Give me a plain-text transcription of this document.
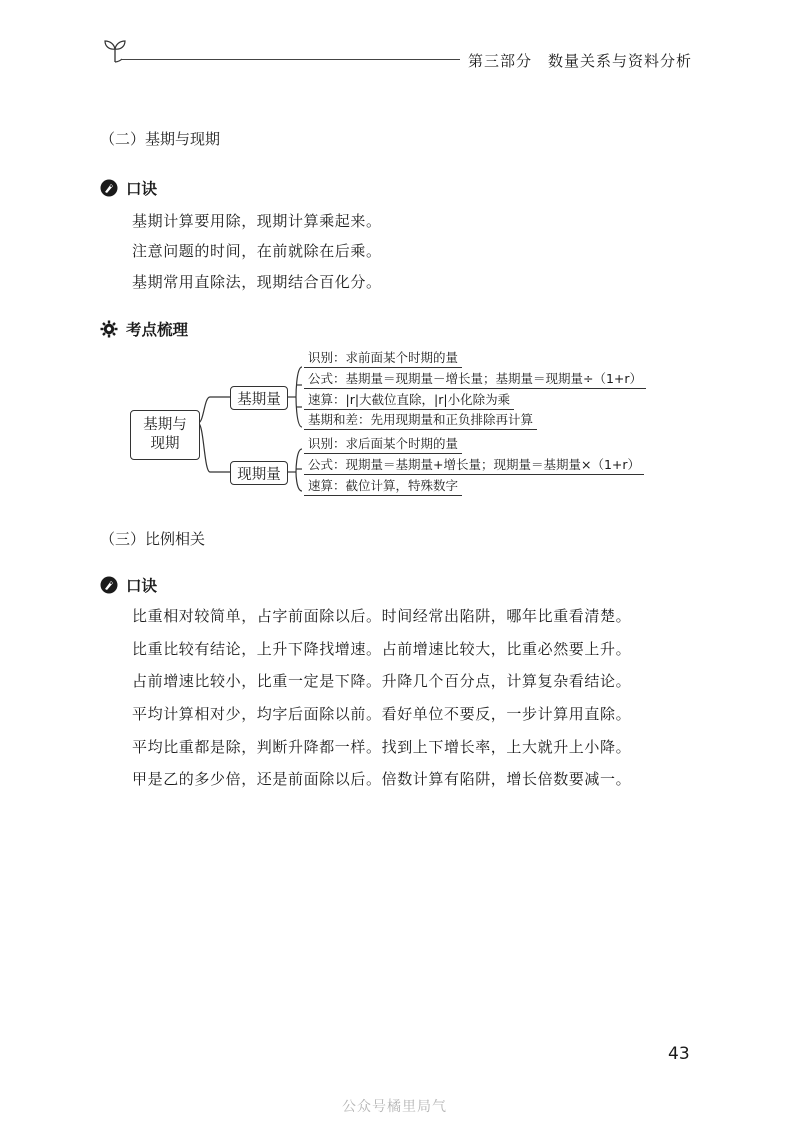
第三部分　数量关系与资料分析
（二）基期与现期
口诀
基期计算要用除，现期计算乘起来。
注意问题的时间，在前就除在后乘。
基期常用直除法，现期结合百化分。
考点梳理
基期与
现期
基期量
现期量
识别：求前面某个时期的量
公式：基期量＝现期量－增长量；基期量＝现期量÷（1+r）
速算：|r|大截位直除，|r|小化除为乘
基期和差：先用现期量和正负排除再计算
识别：求后面某个时期的量
公式：现期量＝基期量+增长量；现期量＝基期量×（1+r）
速算：截位计算，特殊数字
（三）比例相关
口诀
比重相对较简单，占字前面除以后。时间经常出陷阱，哪年比重看清楚。
比重比较有结论，上升下降找增速。占前增速比较大，比重必然要上升。
占前增速比较小，比重一定是下降。升降几个百分点，计算复杂看结论。
平均计算相对少，均字后面除以前。看好单位不要反，一步计算用直除。
平均比重都是除，判断升降都一样。找到上下增长率，上大就升上小降。
甲是乙的多少倍，还是前面除以后。倍数计算有陷阱，增长倍数要减一。
43
公众号橘里局气
